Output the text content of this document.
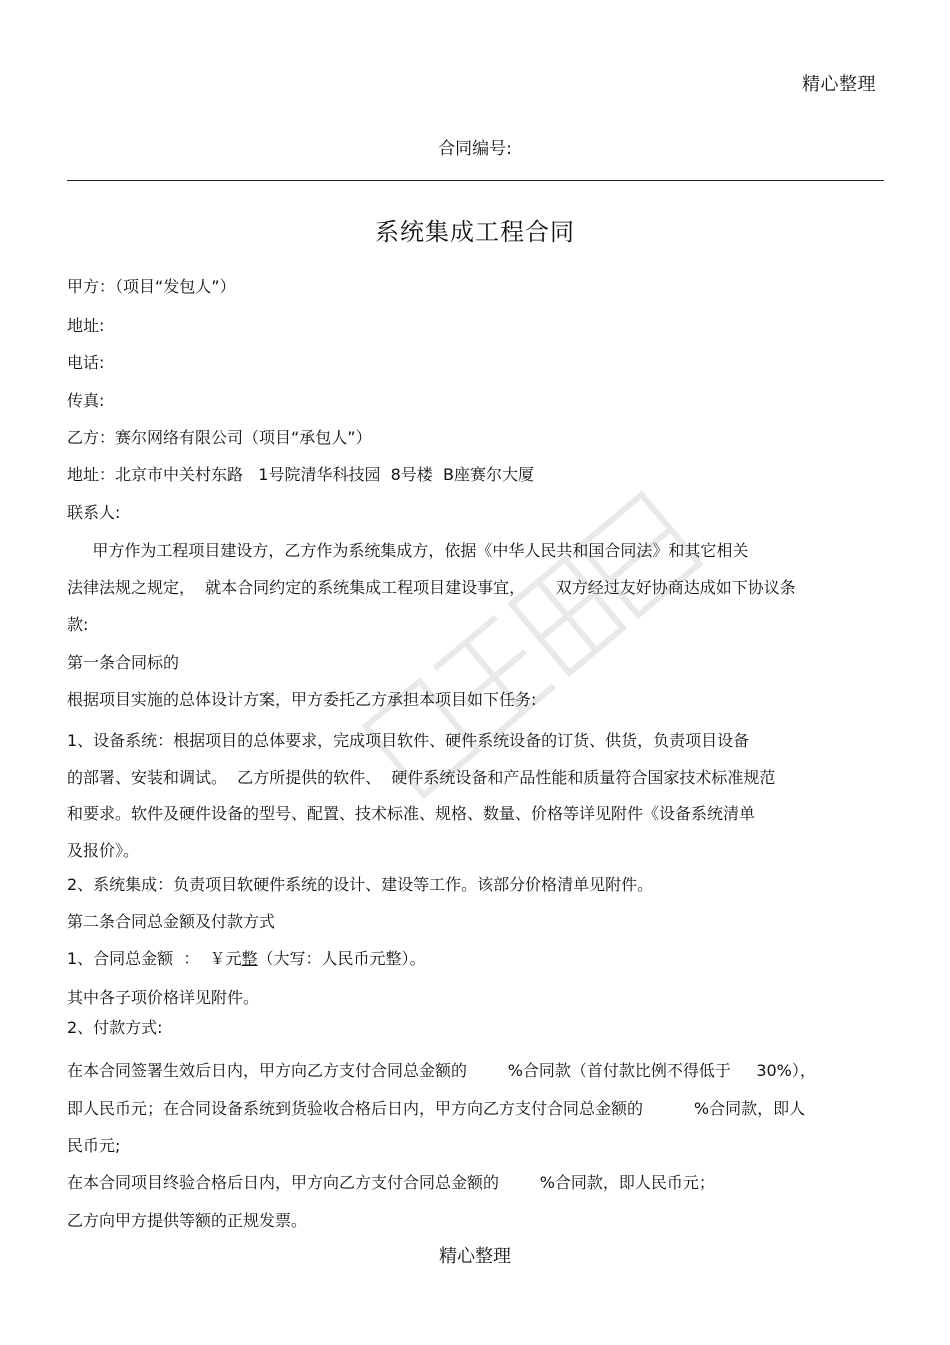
精心整理
合同编号:
系统集成工程合同
甲方：（项目“发包人”）
地址:
电话:
传真:
乙方：赛尔网络有限公司（项目“承包人”）
地址：北京市中关村东路   1号院清华科技园  8号楼  B座赛尔大厦
联系人:
甲方作为工程项目建设方，乙方作为系统集成方，依据《中华人民共和国合同法》和其它相关
法律法规之规定，  就本合同约定的系统集成工程项目建设事宜，      双方经过友好协商达成如下协议条
款:
第一条合同标的
根据项目实施的总体设计方案，甲方委托乙方承担本项目如下任务:
1、设备系统：根据项目的总体要求，完成项目软件、硬件系统设备的订货、供货，负责项目设备
的部署、安装和调试。  乙方所提供的软件、  硬件系统设备和产品性能和质量符合国家技术标准规范
和要求。软件及硬件设备的型号、配置、技术标准、规格、数量、价格等详见附件《设备系统清单
及报价》。
2、系统集成：负责项目软硬件系统的设计、建设等工作。该部分价格清单见附件。
第二条合同总金额及付款方式
1、合同总金额  ：  ￥元整（大写：人民币元整）。
其中各子项价格详见附件。
2、付款方式:
在本合同签署生效后日内，甲方向乙方支付合同总金额的        %合同款（首付款比例不得低于     30%），
即人民币元；在合同设备系统到货验收合格后日内，甲方向乙方支付合同总金额的          %合同款，即人
民币元;
在本合同项目终验合格后日内，甲方向乙方支付合同总金额的        %合同款，即人民币元；
乙方向甲方提供等额的正规发票。
精心整理
